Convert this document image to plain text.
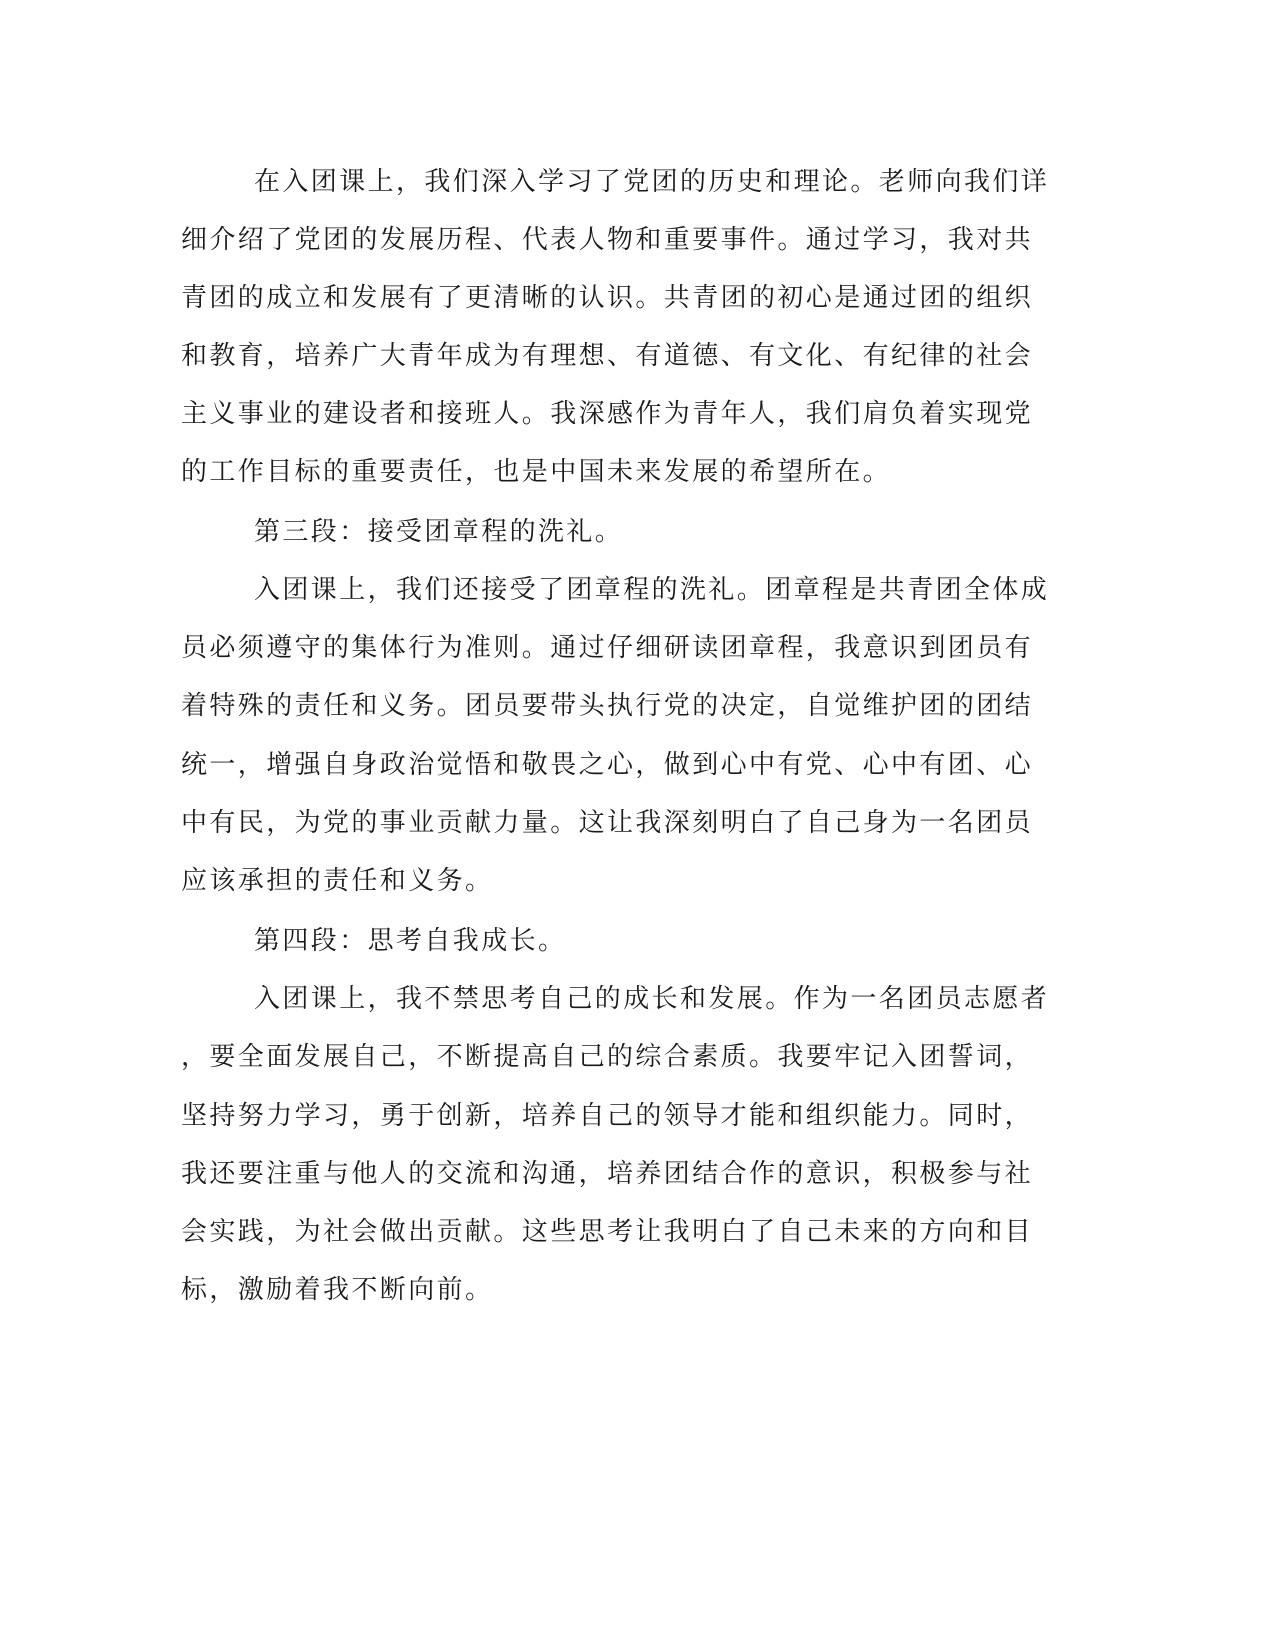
在入团课上，我们深入学习了党团的历史和理论。老师向我们详
细介绍了党团的发展历程、代表人物和重要事件。通过学习，我对共
青团的成立和发展有了更清晰的认识。共青团的初心是通过团的组织
和教育，培养广大青年成为有理想、有道德、有文化、有纪律的社会
主义事业的建设者和接班人。我深感作为青年人，我们肩负着实现党
的工作目标的重要责任，也是中国未来发展的希望所在。
第三段：接受团章程的洗礼。
入团课上，我们还接受了团章程的洗礼。团章程是共青团全体成
员必须遵守的集体行为准则。通过仔细研读团章程，我意识到团员有
着特殊的责任和义务。团员要带头执行党的决定，自觉维护团的团结
统一，增强自身政治觉悟和敬畏之心，做到心中有党、心中有团、心
中有民，为党的事业贡献力量。这让我深刻明白了自己身为一名团员
应该承担的责任和义务。
第四段：思考自我成长。
入团课上，我不禁思考自己的成长和发展。作为一名团员志愿者
，要全面发展自己，不断提高自己的综合素质。我要牢记入团誓词，
坚持努力学习，勇于创新，培养自己的领导才能和组织能力。同时，
我还要注重与他人的交流和沟通，培养团结合作的意识，积极参与社
会实践，为社会做出贡献。这些思考让我明白了自己未来的方向和目
标，激励着我不断向前。
